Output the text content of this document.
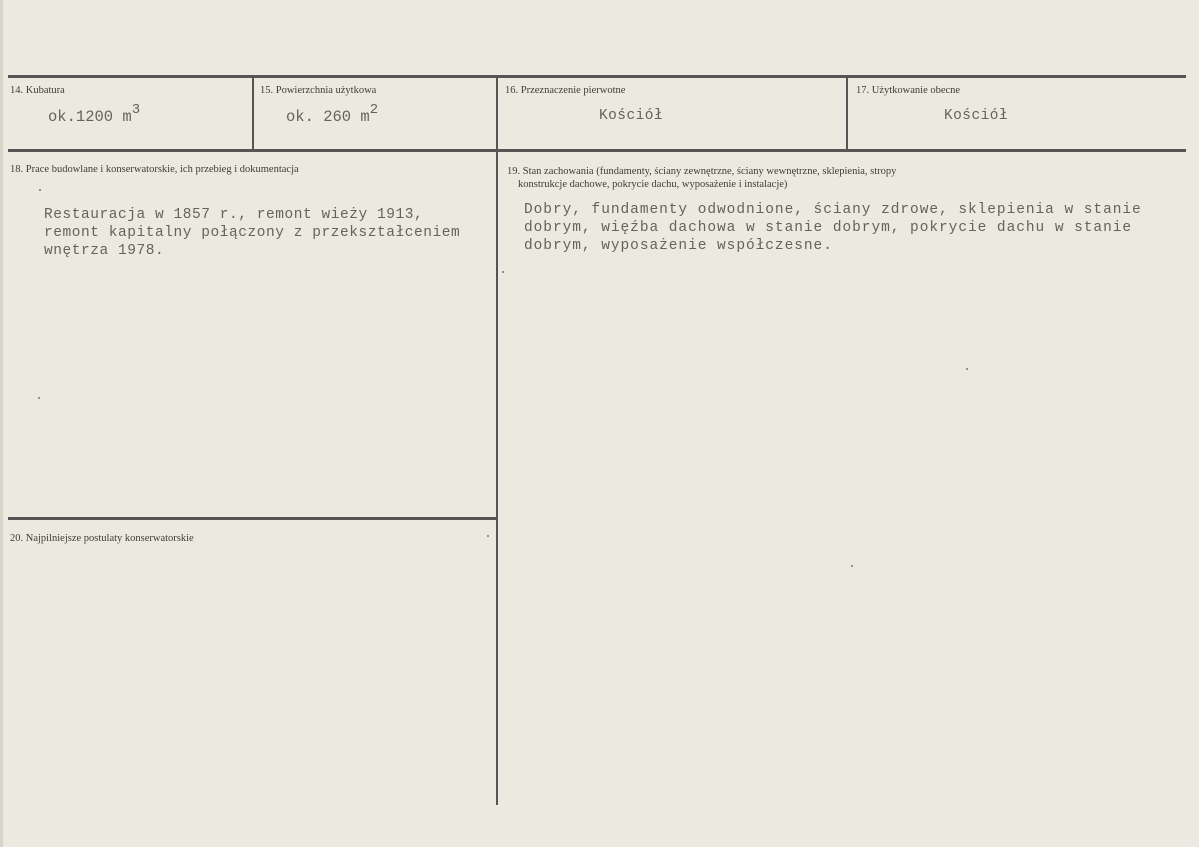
14. Kubatura
ok.1200 m3
15. Powierzchnia użytkowa
ok. 260 m2
16. Przeznaczenie pierwotne
Kościół
17. Użytkowanie obecne
Kościół
18. Prace budowlane i konserwatorskie, ich przebieg i dokumentacja
Restauracja w 1857 r., remont wieży 1913,
remont kapitalny połączony z przekształceniem
wnętrza 1978.
19. Stan zachowania (fundamenty, ściany zewnętrzne, ściany wewnętrzne, sklepienia, stropy
konstrukcje dachowe, pokrycie dachu, wyposażenie i instalacje)
Dobry, fundamenty odwodnione, ściany zdrowe, sklepienia w stanie
dobrym, więźba dachowa w stanie dobrym, pokrycie dachu w stanie
dobrym, wyposażenie współczesne.
20. Najpilniejsze postulaty konserwatorskie
